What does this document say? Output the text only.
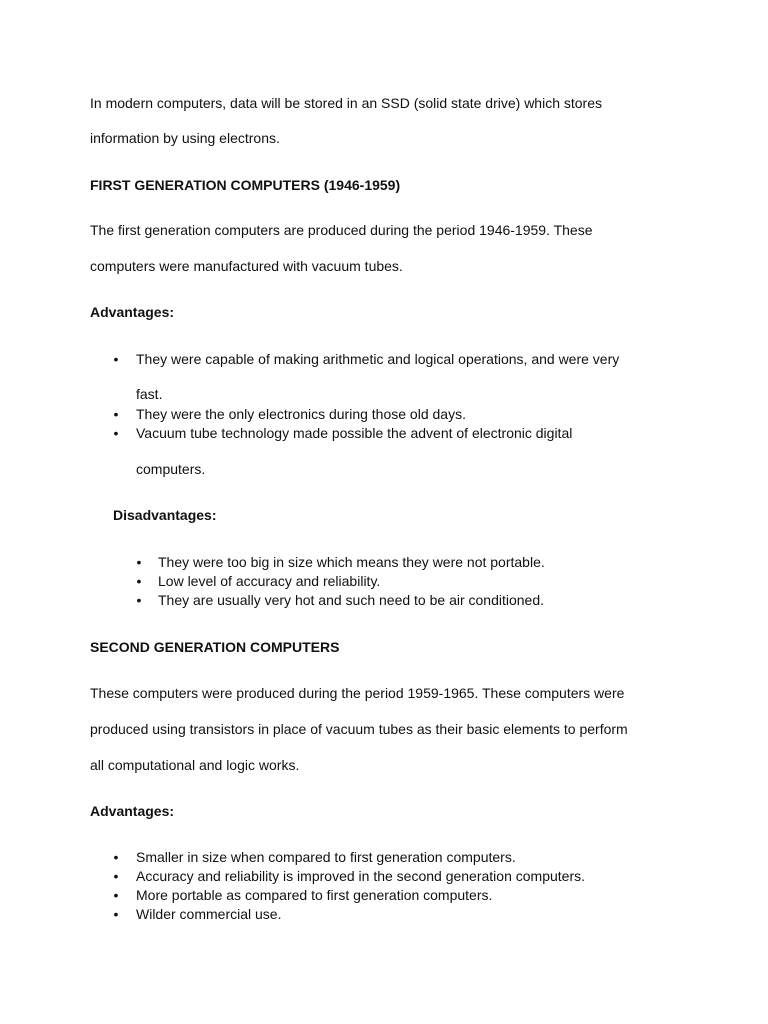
In modern computers, data will be stored in an SSD (solid state drive) which stores

information by using electrons.

FIRST GENERATION COMPUTERS (1946-1959)

The first generation computers are produced during the period 1946-1959. These

computers were manufactured with vacuum tubes.

Advantages:

• They were capable of making arithmetic and logical operations, and were very

fast.

• They were the only electronics during those old days.

• Vacuum tube technology made possible the advent of electronic digital

computers.

Disadvantages:

• They were too big in size which means they were not portable.

• Low level of accuracy and reliability.

• They are usually very hot and such need to be air conditioned.

SECOND GENERATION COMPUTERS

These computers were produced during the period 1959-1965. These computers were

produced using transistors in place of vacuum tubes as their basic elements to perform

all computational and logic works.

Advantages:

• Smaller in size when compared to first generation computers.

• Accuracy and reliability is improved in the second generation computers.

• More portable as compared to first generation computers.

• Wilder commercial use.
